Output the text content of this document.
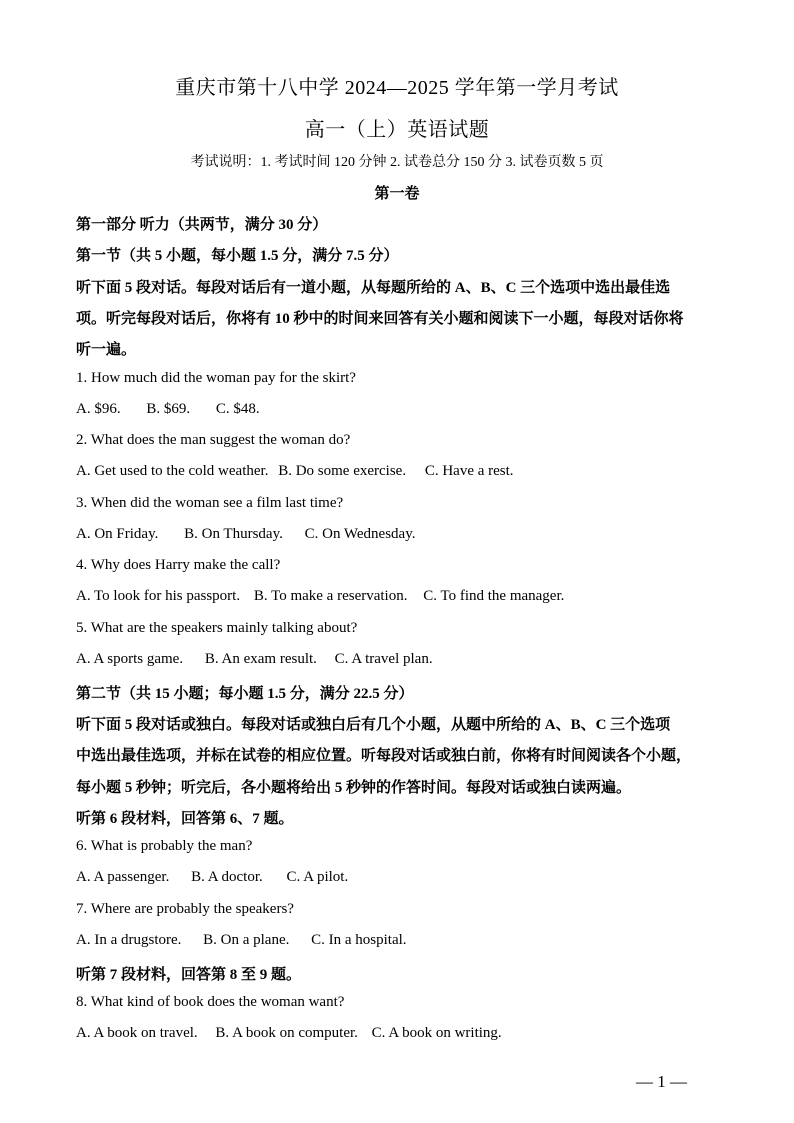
重庆市第十八中学 2024—2025 学年第一学月考试
高一（上）英语试题
考试说明：1. 考试时间 120 分钟 2. 试卷总分 150 分 3. 试卷页数 5 页
第一卷
第一部分 听力（共两节，满分 30 分）
第一节（共 5 小题，每小题 1.5 分，满分 7.5 分）
听下面 5 段对话。每段对话后有一道小题，从每题所给的 A、B、C 三个选项中选出最佳选
项。听完每段对话后，你将有 10 秒中的时间来回答有关小题和阅读下一小题，每段对话你将
听一遍。
1. How much did the woman pay for the skirt?
A. $96. B. $69. C. $48.
2. What does the man suggest the woman do?
A. Get used to the cold weather. B. Do some exercise. C. Have a rest.
3. When did the woman see a film last time?
A. On Friday. B. On Thursday. C. On Wednesday.
4. Why does Harry make the call?
A. To look for his passport. B. To make a reservation. C. To find the manager.
5. What are the speakers mainly talking about?
A. A sports game. B. An exam result. C. A travel plan.
第二节（共 15 小题；每小题 1.5 分，满分 22.5 分）
听下面 5 段对话或独白。每段对话或独白后有几个小题，从题中所给的 A、B、C 三个选项
中选出最佳选项，并标在试卷的相应位置。听每段对话或独白前，你将有时间阅读各个小题，
每小题 5 秒钟；听完后，各小题将给出 5 秒钟的作答时间。每段对话或独白读两遍。
听第 6 段材料，回答第 6、7 题。
6. What is probably the man?
A. A passenger. B. A doctor. C. A pilot.
7. Where are probably the speakers?
A. In a drugstore. B. On a plane. C. In a hospital.
听第 7 段材料，回答第 8 至 9 题。
8. What kind of book does the woman want?
A. A book on travel. B. A book on computer. C. A book on writing.
— 1 —
